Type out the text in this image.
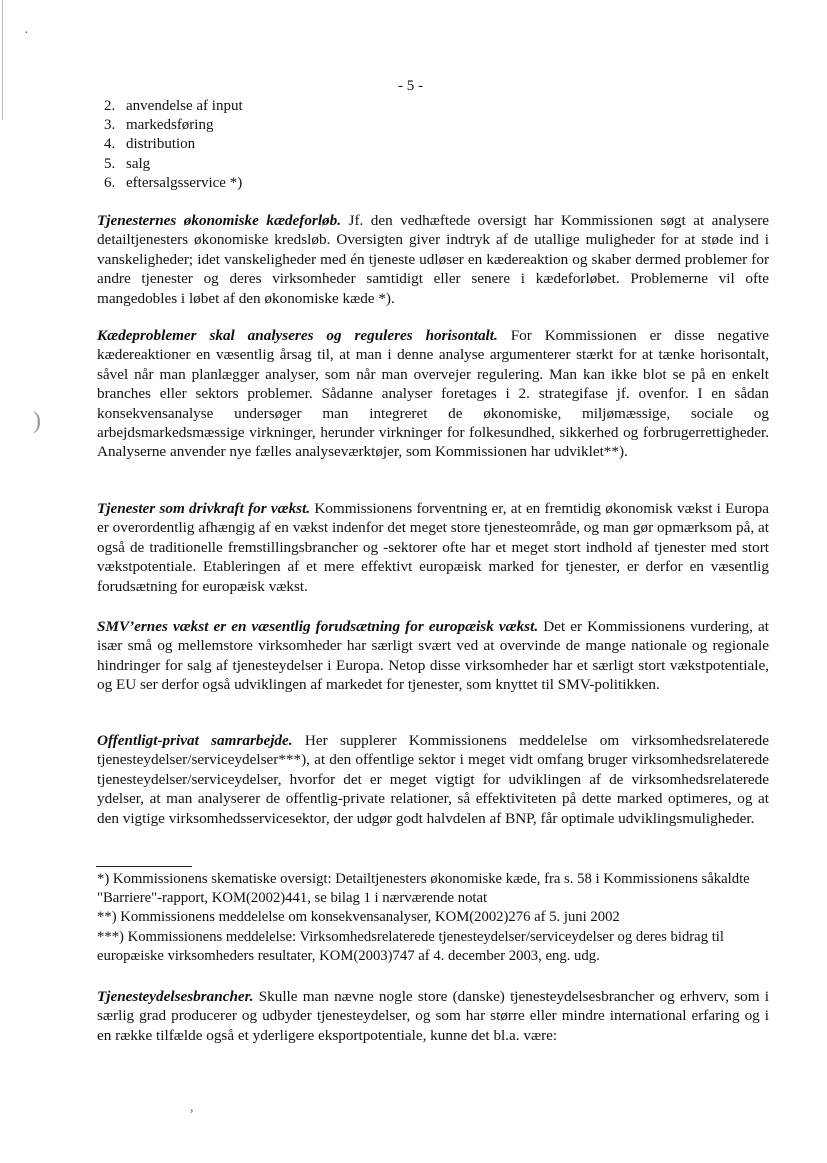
·
)
,
- 5 -
2. anvendelse af input
3. markedsføring
4. distribution
5. salg
6. eftersalgsservice *)

Tjenesternes økonomiske kædeforløb. Jf. den vedhæftede oversigt har Kommissionen søgt at analysere detailtjenesters økonomiske kredsløb. Oversigten giver indtryk af de utallige muligheder for at støde ind i vanskeligheder; idet vanskeligheder med én tjeneste udløser en kædereaktion og skaber dermed problemer for andre tjenester og deres virksomheder samtidigt eller senere i kædeforløbet. Problemerne vil ofte mangedobles i løbet af den økonomiske kæde *).

Kædeproblemer skal analyseres og reguleres horisontalt. For Kommissionen er disse negative kædereaktioner en væsentlig årsag til, at man i denne analyse argumenterer stærkt for at tænke horisontalt, såvel når man planlægger analyser, som når man overvejer regulering. Man kan ikke blot se på en enkelt branches eller sektors problemer. Sådanne analyser foretages i 2. strategifase jf. ovenfor. I en sådan konsekvensanalyse undersøger man integreret de økonomiske, miljømæssige, sociale og arbejdsmarkedsmæssige virkninger, herunder virkninger for folkesundhed, sikkerhed og forbrugerrettigheder. Analyserne anvender nye fælles analyseværktøjer, som Kommissionen har udviklet**).

Tjenester som drivkraft for vækst. Kommissionens forventning er, at en fremtidig økonomisk vækst i Europa er overordentlig afhængig af en vækst indenfor det meget store tjenesteområde, og man gør opmærksom på, at også de traditionelle fremstillingsbrancher og -sektorer ofte har et meget stort indhold af tjenester med stort vækstpotentiale. Etableringen af et mere effektivt europæisk marked for tjenester, er derfor en væsentlig forudsætning for europæisk vækst.

SMV’ernes vækst er en væsentlig forudsætning for europæisk vækst. Det er Kommissionens vurdering, at især små og mellemstore virksomheder har særligt svært ved at overvinde de mange nationale og regionale hindringer for salg af tjenesteydelser i Europa. Netop disse virksomheder har et særligt stort vækstpotentiale, og EU ser derfor også udviklingen af markedet for tjenester, som knyttet til SMV-politikken.

Offentligt-privat samrarbejde. Her supplerer Kommissionens meddelelse om virksomhedsrelaterede tjenesteydelser/serviceydelser***), at den offentlige sektor i meget vidt omfang bruger virksomhedsrelaterede tjenesteydelser/serviceydelser, hvorfor det er meget vigtigt for udviklingen af de virksomhedsrelaterede ydelser, at man analyserer de offentlig-private relationer, så effektiviteten på dette marked optimeres, og at den vigtige virksomhedsservicesektor, der udgør godt halvdelen af BNP, får optimale udviklingsmuligheder.

*) Kommissionens skematiske oversigt: Detailtjenesters økonomiske kæde, fra s. 58 i Kommissionens såkaldte "Barriere"-rapport, KOM(2002)441, se bilag 1 i nærværende notat
**) Kommissionens meddelelse om konsekvensanalyser, KOM(2002)276 af 5. juni 2002
***) Kommissionens meddelelse: Virksomhedsrelaterede tjenesteydelser/serviceydelser og deres bidrag til europæiske virksomheders resultater, KOM(2003)747 af 4. december 2003, eng. udg.

Tjenesteydelsesbrancher. Skulle man nævne nogle store (danske) tjenesteydelsesbrancher og erhverv, som i særlig grad producerer og udbyder tjenesteydelser, og som har større eller mindre international erfaring og i en række tilfælde også et yderligere eksportpotentiale, kunne det bl.a. være:
